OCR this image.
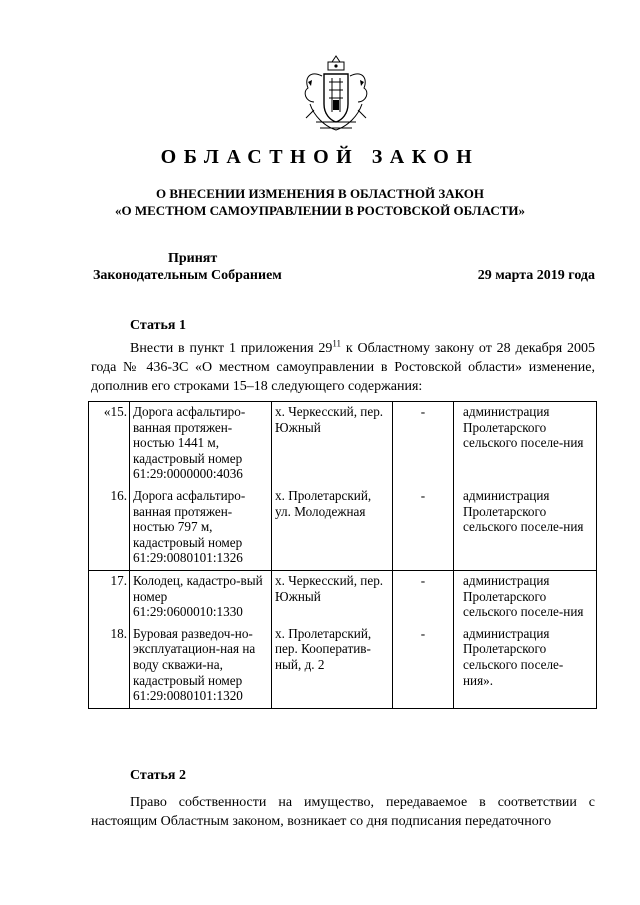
ОБЛАСТНОЙ ЗАКОН
О ВНЕСЕНИИ ИЗМЕНЕНИЯ В ОБЛАСТНОЙ ЗАКОН
«О МЕСТНОМ САМОУПРАВЛЕНИИ В РОСТОВСКОЙ ОБЛАСТИ»
Принят
Законодательным Собранием	29 марта 2019 года
Статья 1
Внести в пункт 1 приложения $29^{11}$ к Областному закону от 28 декабря 2005 года № 436-ЗС «О местном самоуправлении в Ростовской области» изменение, дополнив его строками 15–18 следующего содержания:
«15.	Дорога асфальтиро-ванная протяжен-ностью 1441 м, кадастровый номер 61:29:0000000:4036	х. Черкесский, пер. Южный	-	администрация Пролетарского сельского поселе-ния
16.	Дорога асфальтиро-ванная протяжен-ностью 797 м, кадастровый номер 61:29:0080101:1326	х. Пролетарский, ул. Молодежная	-	администрация Пролетарского сельского поселе-ния
17.	Колодец, кадастро-вый номер 61:29:0600010:1330	х. Черкесский, пер. Южный	-	администрация Пролетарского сельского поселе-ния
18.	Буровая разведоч-но-эксплуатацион-ная на воду скважи-на, кадастровый номер 61:29:0080101:1320	х. Пролетарский, пер. Кооператив-ный, д. 2	-	администрация Пролетарского сельского поселе-ния».
Статья 2
Право собственности на имущество, передаваемое в соответствии с настоящим Областным законом, возникает со дня подписания передаточного
